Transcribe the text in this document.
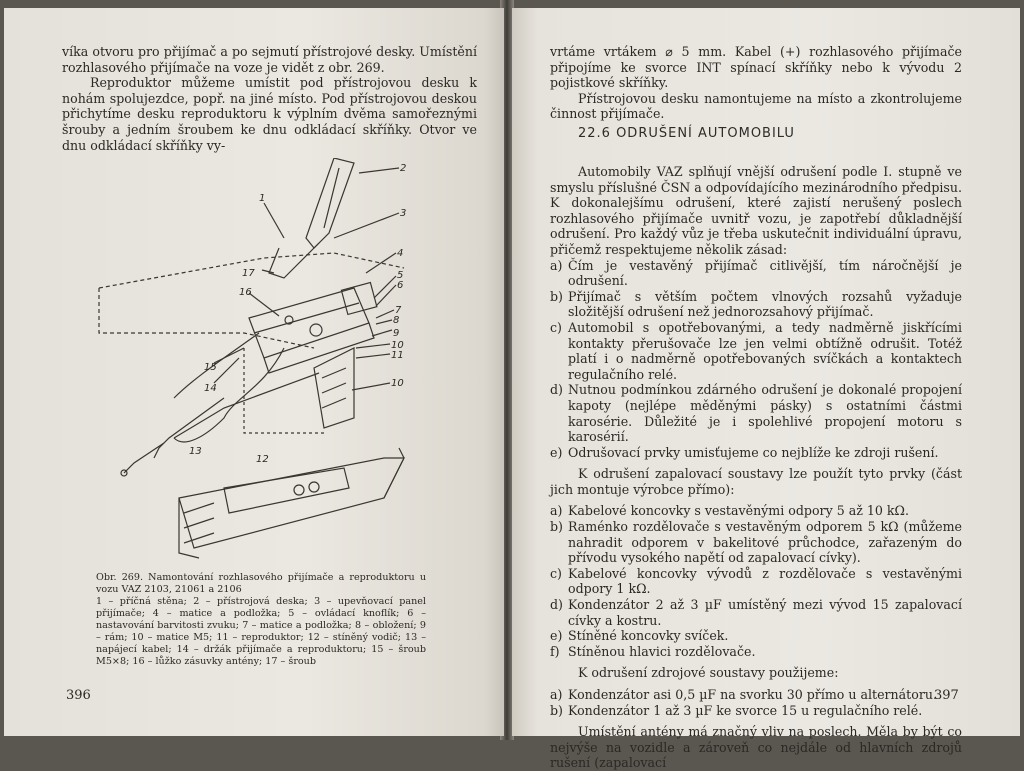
víka otvoru pro přijímač a po sejmutí přístrojové desky. Umístění rozhlasového přijímače na voze je vidět z obr. 269.

Reproduktor můžeme umístit pod přístrojovou desku k nohám spolujezdce, popř. na jiné místo. Pod přístrojovou deskou přichytíme desku reproduktoru k výplním dvěma samořeznými šrouby a jedním šroubem ke dnu odkládací skříňky. Otvor ve dnu odkládací skříňky vy-

1
2
3
4
5
6
7
8
9
10
11
10
12
13
14
15
16
17
Obr. 269. Namontování rozhlasového přijímače a reproduktoru u vozu VAZ 2103, 21061 a 2106
1 – příčná stěna; 2 – přístrojová deska; 3 – upevňovací panel přijímače; 4 – matice a podložka; 5 – ovládací knoflík; 6 – nastavování barvitosti zvuku; 7 – matice a podložka; 8 – obložení; 9 – rám; 10 – matice M5; 11 – reproduktor; 12 – stíněný vodič; 13 – napájecí kabel; 14 – držák přijímače a reproduktoru; 15 – šroub M5×8; 16 – lůžko zásuvky antény; 17 – šroub
396

vrtáme vrtákem ⌀ 5 mm. Kabel (+) rozhlasového přijímače připojíme ke svorce INT spínací skříňky nebo k vývodu 2 pojistkové skříňky.

Přístrojovou desku namontujeme na místo a zkontrolujeme činnost přijímače.

22.6 ODRUŠENÍ AUTOMOBILU

Automobily VAZ splňují vnější odrušení podle I. stupně ve smyslu příslušné ČSN a odpovídajícího mezinárodního předpisu. K dokonalejšímu odrušení, které zajistí nerušený poslech rozhlasového přijímače uvnitř vozu, je zapotřebí důkladnější odrušení. Pro každý vůz je třeba uskutečnit individuální úpravu, přičemž respektujeme několik zásad:

a) Čím je vestavěný přijímač citlivější, tím náročnější je odrušení.
b) Přijímač s větším počtem vlnových rozsahů vyžaduje složitější odrušení než jednorozsahový přijímač.
c) Automobil s opotřebovanými, a tedy nadměrně jiskřícími kontakty přerušovače lze jen velmi obtížně odrušit. Totéž platí i o nadměrně opotřebovaných svíčkách a kontaktech regulačního relé.
d) Nutnou podmínkou zdárného odrušení je dokonalé propojení kapoty (nejlépe měděnými pásky) s ostatními částmi karosérie. Důležité je i spolehlivé propojení motoru s karosérií.
e) Odrušovací prvky umisťujeme co nejblíže ke zdroji rušení.

K odrušení zapalovací soustavy lze použít tyto prvky (část jich montuje výrobce přímo):

a) Kabelové koncovky s vestavěnými odpory 5 až 10 kΩ.
b) Raménko rozdělovače s vestavěným odporem 5 kΩ (můžeme nahradit odporem v bakelitové průchodce, zařazeným do přívodu vysokého napětí od zapalovací cívky).
c) Kabelové koncovky vývodů z rozdělovače s vestavěnými odpory 1 kΩ.
d) Kondenzátor 2 až 3 µF umístěný mezi vývod 15 zapalovací cívky a kostru.
e) Stíněné koncovky svíček.
f) Stíněnou hlavici rozdělovače.

K odrušení zdrojové soustavy použijeme:

a) Kondenzátor asi 0,5 µF na svorku 30 přímo u alternátoru.
b) Kondenzátor 1 až 3 µF ke svorce 15 u regulačního relé.

Umístění antény má značný vliv na poslech. Měla by být co nejvýše na vozidle a zároveň co nejdále od hlavních zdrojů rušení (zapalovací

397
